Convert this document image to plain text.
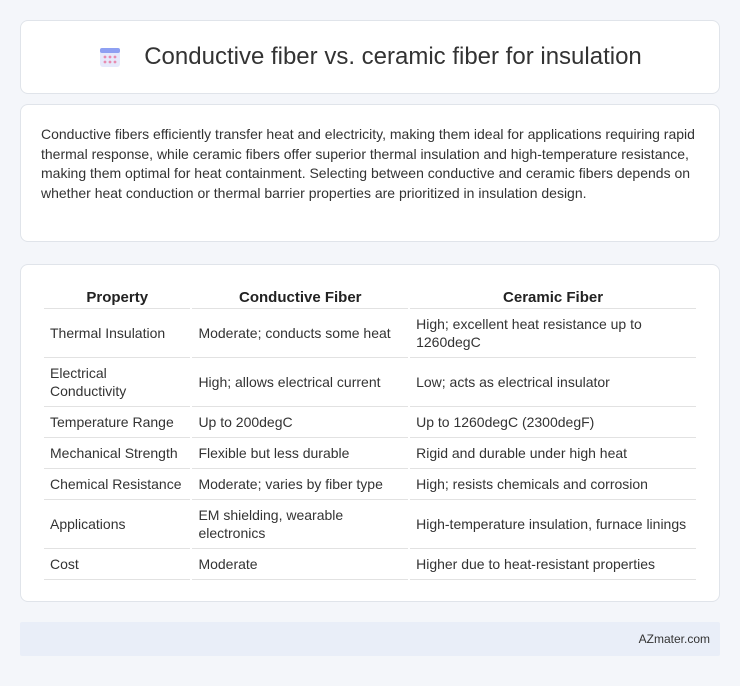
Conductive fiber vs. ceramic fiber for insulation

Conductive fibers efficiently transfer heat and electricity, making them ideal for applications requiring rapid thermal response, while ceramic fibers offer superior thermal insulation and high-temperature resistance, making them optimal for heat containment. Selecting between conductive and ceramic fibers depends on whether heat conduction or thermal barrier properties are prioritized in insulation design.

Property	Conductive Fiber	Ceramic Fiber
Thermal Insulation	Moderate; conducts some heat	High; excellent heat resistance up to 1260degC
Electrical Conductivity	High; allows electrical current	Low; acts as electrical insulator
Temperature Range	Up to 200degC	Up to 1260degC (2300degF)
Mechanical Strength	Flexible but less durable	Rigid and durable under high heat
Chemical Resistance	Moderate; varies by fiber type	High; resists chemicals and corrosion
Applications	EM shielding, wearable electronics	High-temperature insulation, furnace linings
Cost	Moderate	Higher due to heat-resistant properties
AZmater.com
